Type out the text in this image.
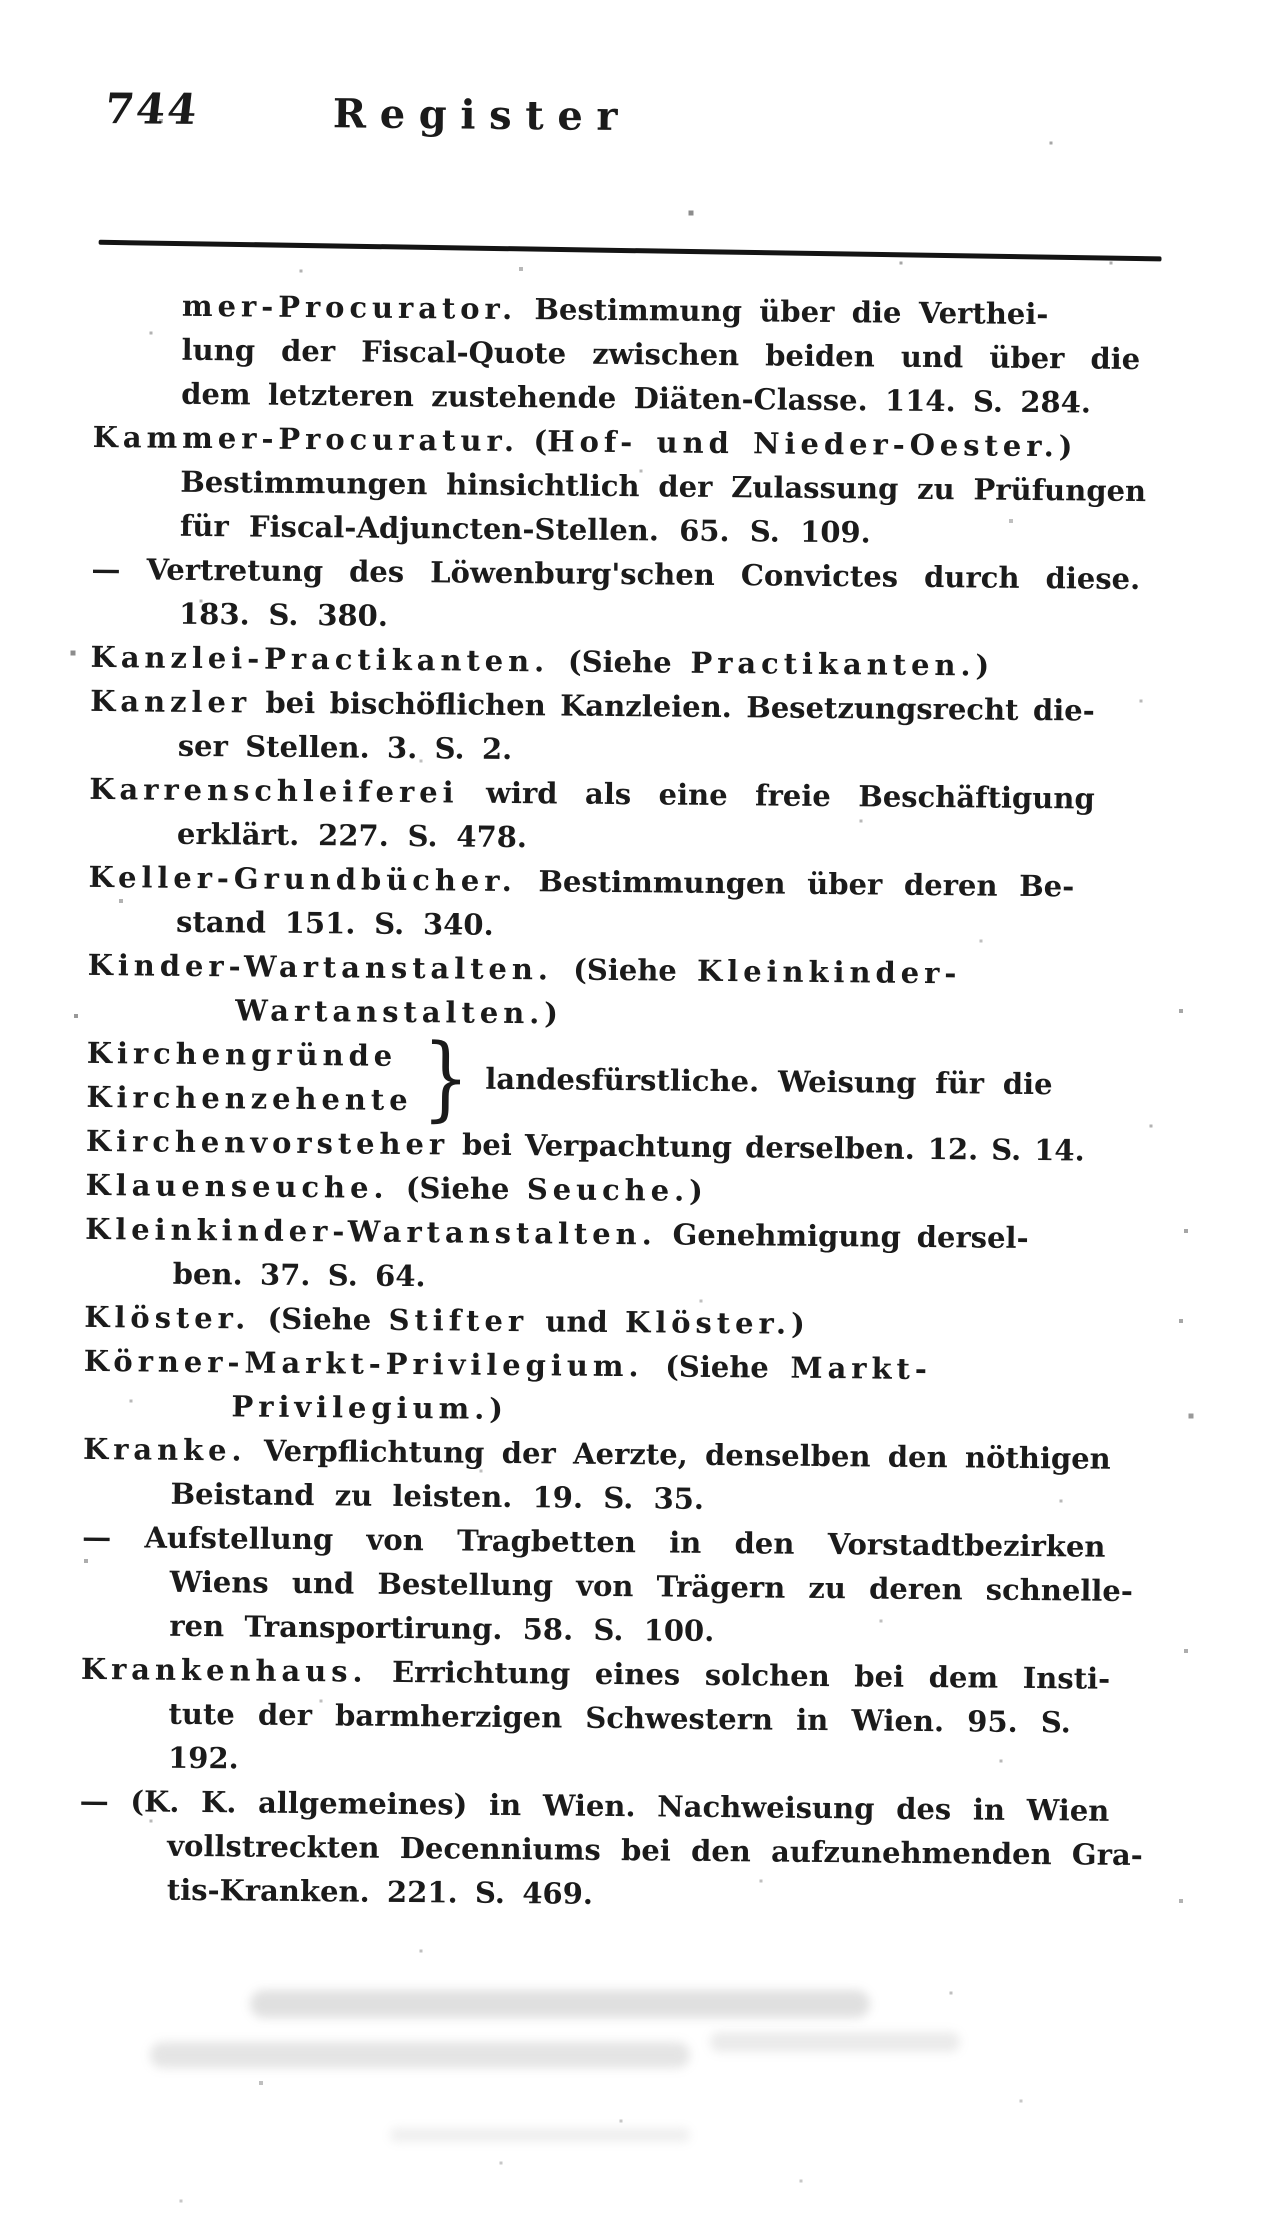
744	Register
mer-Procurator. Bestimmung über die Verthei-
lung der Fiscal-Quote zwischen beiden und über die
dem letzteren zustehende Diäten-Classe. 114. S. 284.
Kammer-Procuratur. (Hof- und Nieder-Oester.)
Bestimmungen hinsichtlich der Zulassung zu Prüfungen
für Fiscal-Adjuncten-Stellen. 65. S. 109.
— Vertretung des Löwenburg'schen Convictes durch diese.
183. S. 380.
Kanzlei-Practikanten. (Siehe Practikanten.)
Kanzler bei bischöflichen Kanzleien. Besetzungsrecht die-
ser Stellen. 3. S. 2.
Karrenschleiferei wird als eine freie Beschäftigung
erklärt. 227. S. 478.
Keller-Grundbücher. Bestimmungen über deren Be-
stand 151. S. 340.
Kinder-Wartanstalten. (Siehe Kleinkinder-
Wartanstalten.)
Kirchengründe
Kirchenzehente } landesfürstliche. Weisung für die
Kirchenvorsteher bei Verpachtung derselben. 12. S. 14.
Klauenseuche. (Siehe Seuche.)
Kleinkinder-Wartanstalten. Genehmigung dersel-
ben. 37. S. 64.
Klöster. (Siehe Stifter und Klöster.)
Körner-Markt-Privilegium. (Siehe Markt-
Privilegium.)
Kranke. Verpflichtung der Aerzte, denselben den nöthigen
Beistand zu leisten. 19. S. 35.
— Aufstellung von Tragbetten in den Vorstadtbezirken
Wiens und Bestellung von Trägern zu deren schnelle-
ren Transportirung. 58. S. 100.
Krankenhaus. Errichtung eines solchen bei dem Insti-
tute der barmherzigen Schwestern in Wien. 95. S.
192.
— (K. K. allgemeines) in Wien. Nachweisung des in Wien
vollstreckten Decenniums bei den aufzunehmenden Gra-
tis-Kranken. 221. S. 469.
